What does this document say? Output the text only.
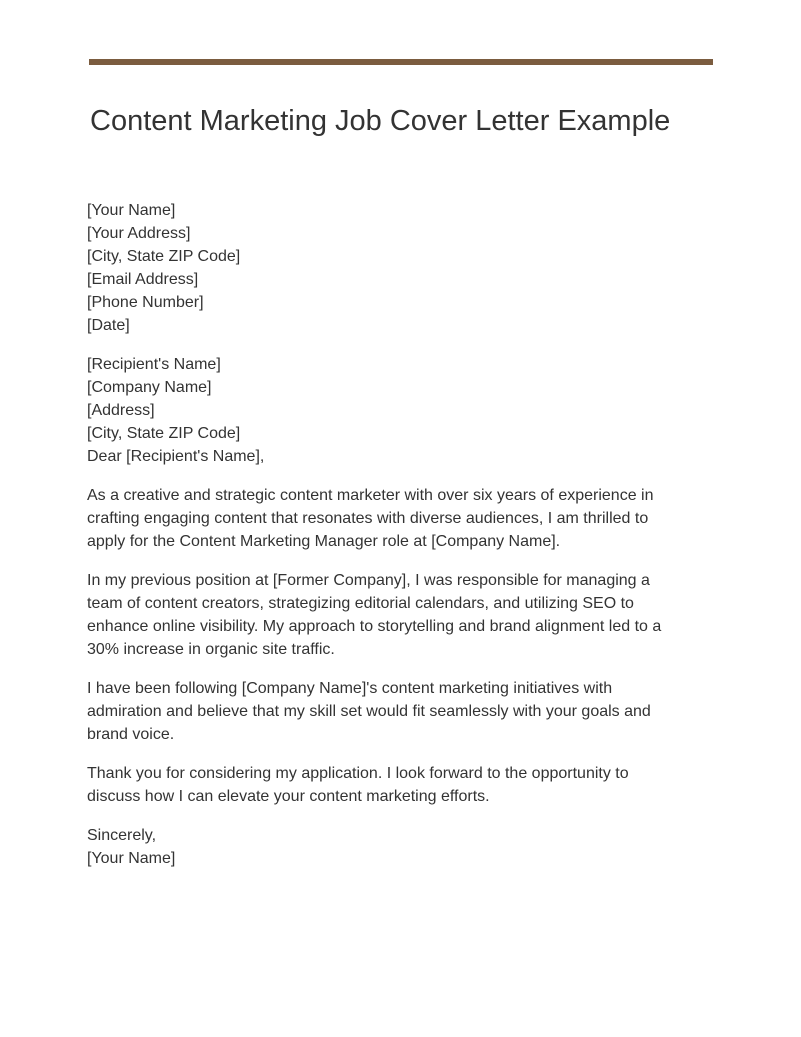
Content Marketing Job Cover Letter Example
[Your Name]
[Your Address]
[City, State ZIP Code]
[Email Address]
[Phone Number]
[Date]
[Recipient's Name]
[Company Name]
[Address]
[City, State ZIP Code]
Dear [Recipient's Name],

As a creative and strategic content marketer with over six years of experience in
crafting engaging content that resonates with diverse audiences, I am thrilled to
apply for the Content Marketing Manager role at [Company Name].

In my previous position at [Former Company], I was responsible for managing a
team of content creators, strategizing editorial calendars, and utilizing SEO to
enhance online visibility. My approach to storytelling and brand alignment led to a
30% increase in organic site traffic.

I have been following [Company Name]'s content marketing initiatives with
admiration and believe that my skill set would fit seamlessly with your goals and
brand voice.

Thank you for considering my application. I look forward to the opportunity to
discuss how I can elevate your content marketing efforts.

Sincerely,
[Your Name]
